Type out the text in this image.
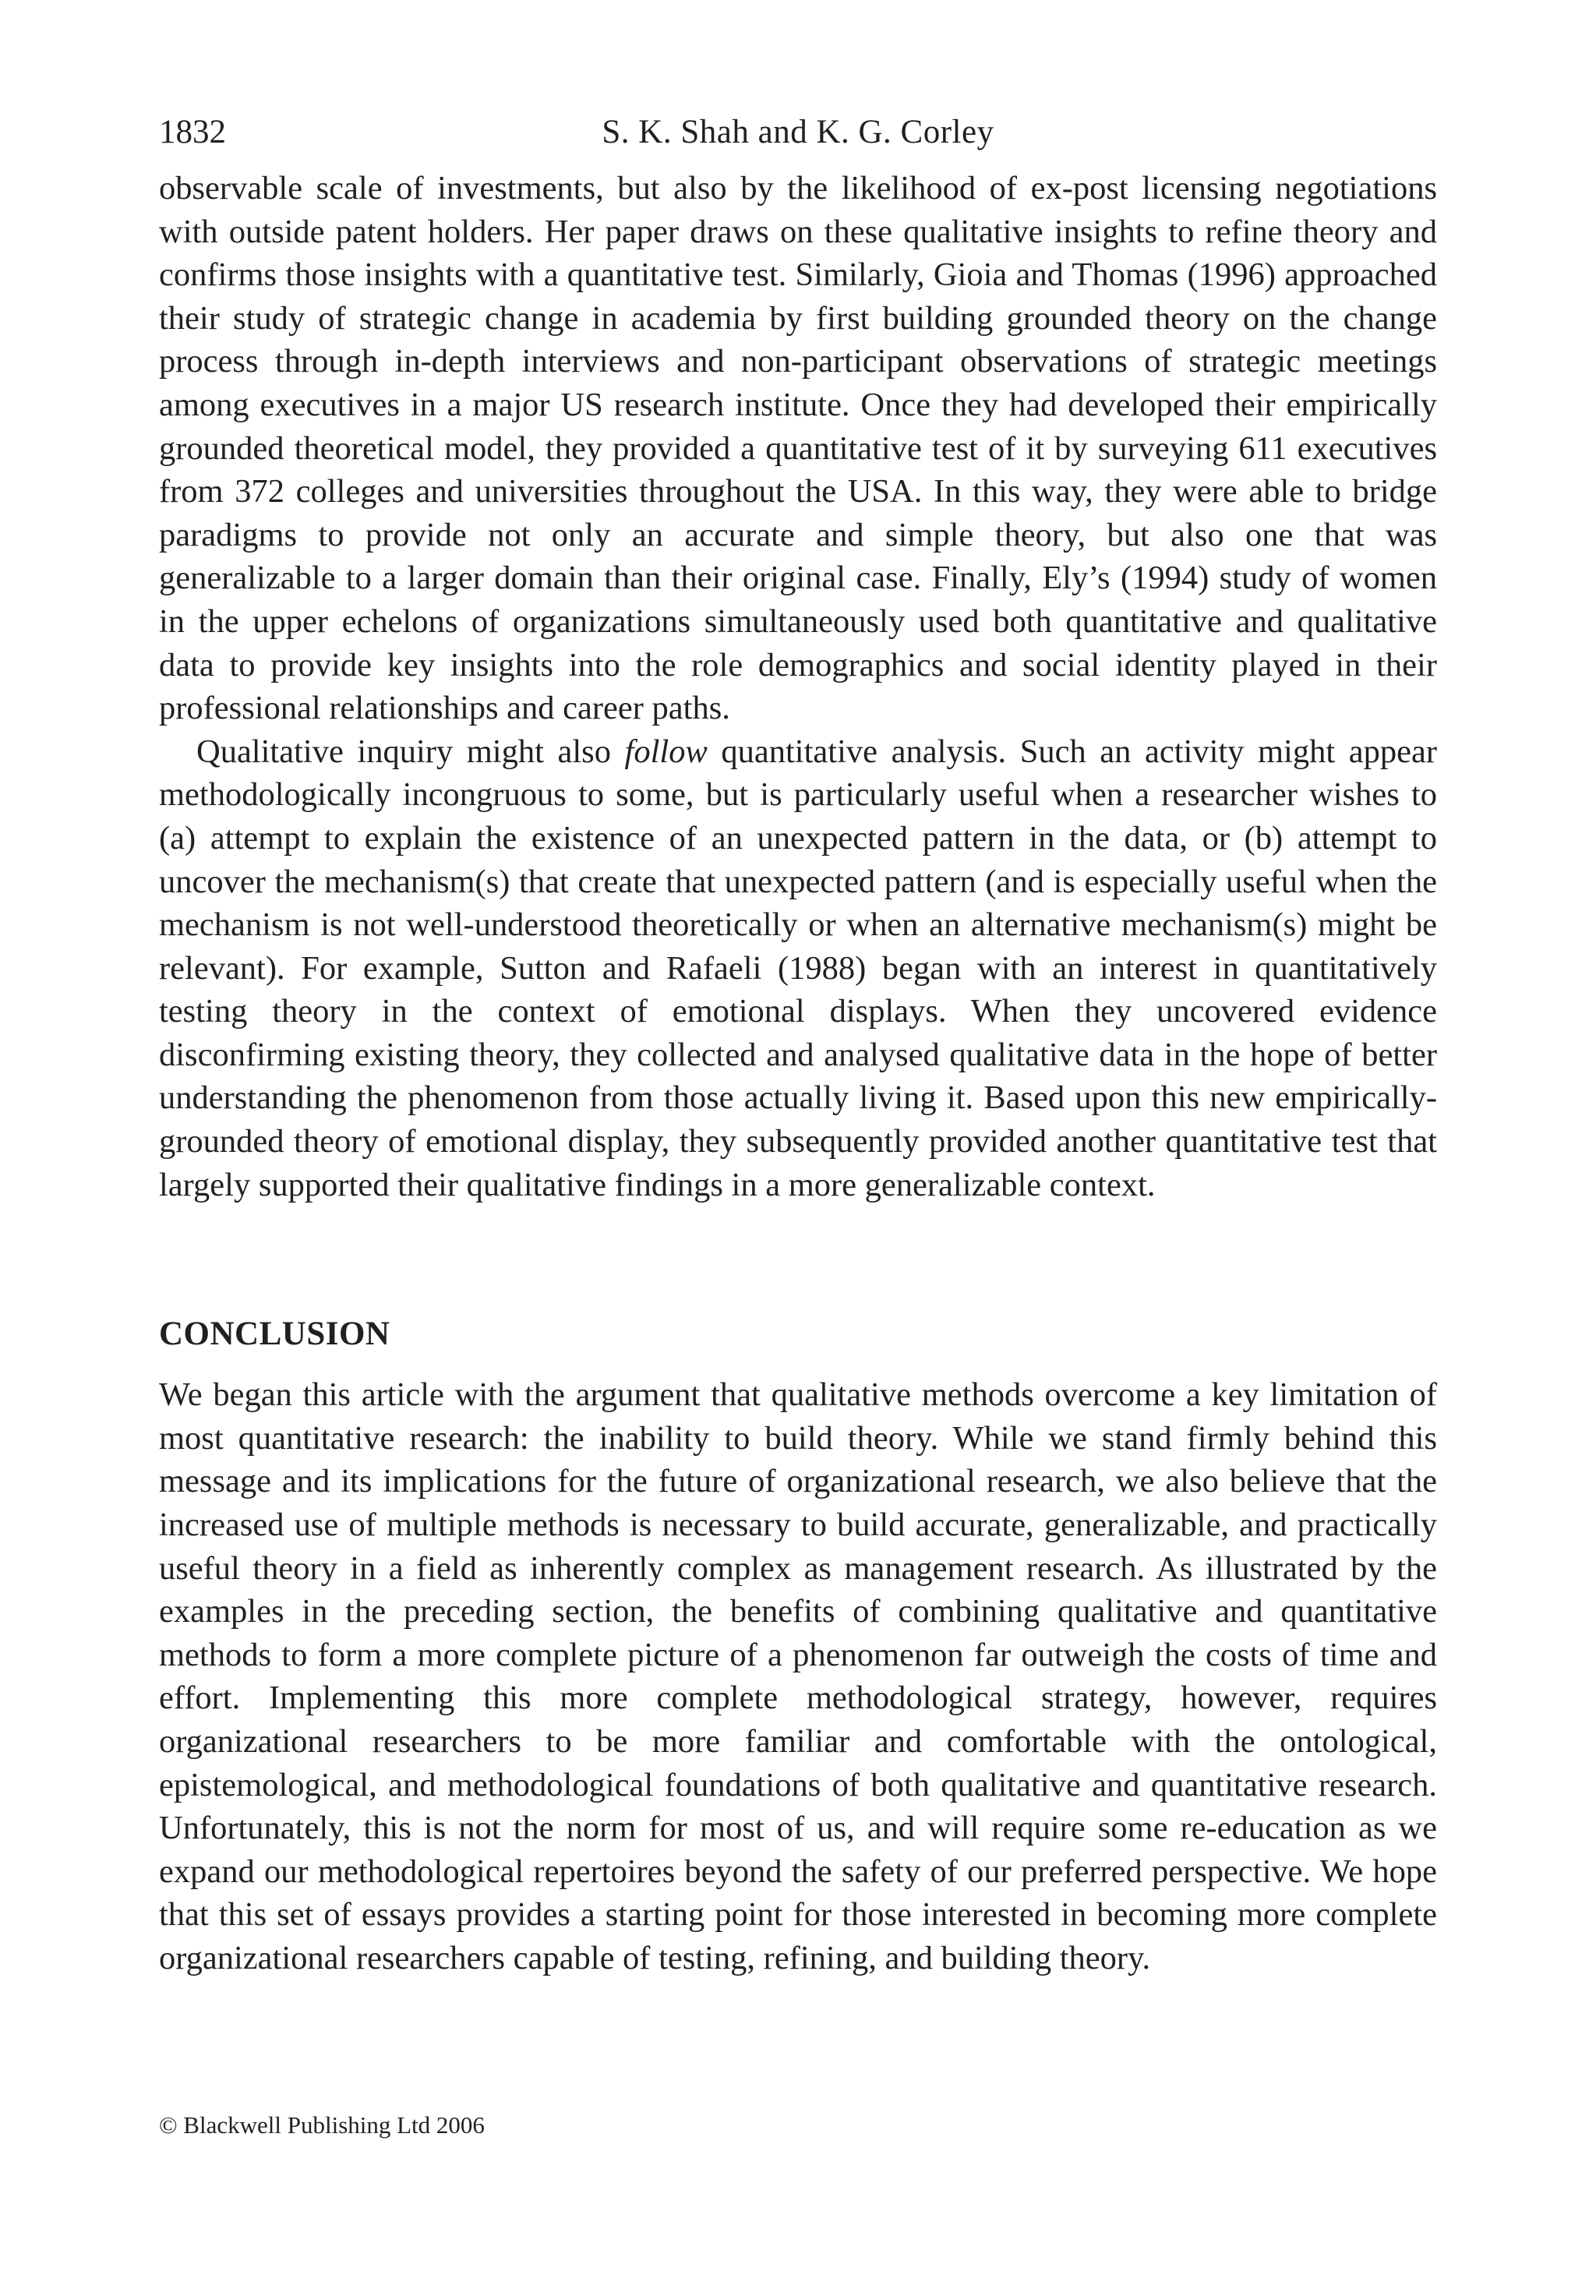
1832	S. K. Shah and K. G. Corley

observable scale of investments, but also by the likelihood of ex-post licensing negotiations with outside patent holders. Her paper draws on these qualitative insights to refine theory and confirms those insights with a quantitative test. Similarly, Gioia and Thomas (1996) approached their study of strategic change in academia by first building grounded theory on the change process through in-depth interviews and non-participant observations of strategic meetings among executives in a major US research institute. Once they had developed their empirically grounded theoretical model, they provided a quantitative test of it by surveying 611 executives from 372 colleges and universities throughout the USA. In this way, they were able to bridge paradigms to provide not only an accurate and simple theory, but also one that was generalizable to a larger domain than their original case. Finally, Ely’s (1994) study of women in the upper echelons of organizations simultaneously used both quantitative and qualitative data to provide key insights into the role demographics and social identity played in their professional relationships and career paths.

Qualitative inquiry might also follow quantitative analysis. Such an activity might appear methodologically incongruous to some, but is particularly useful when a researcher wishes to (a) attempt to explain the existence of an unexpected pattern in the data, or (b) attempt to uncover the mechanism(s) that create that unexpected pattern (and is especially useful when the mechanism is not well-understood theoretically or when an alternative mechanism(s) might be relevant). For example, Sutton and Rafaeli (1988) began with an interest in quantitatively testing theory in the context of emotional displays. When they uncovered evidence disconfirming existing theory, they collected and analysed qualitative data in the hope of better understanding the phenomenon from those actually living it. Based upon this new empirically-grounded theory of emotional display, they subsequently provided another quantitative test that largely supported their qualitative findings in a more generalizable context.

CONCLUSION

We began this article with the argument that qualitative methods overcome a key limitation of most quantitative research: the inability to build theory. While we stand firmly behind this message and its implications for the future of organizational research, we also believe that the increased use of multiple methods is necessary to build accurate, generalizable, and practically useful theory in a field as inherently complex as management research. As illustrated by the examples in the preceding section, the benefits of combining qualitative and quantitative methods to form a more complete picture of a phenomenon far outweigh the costs of time and effort. Implementing this more complete methodological strategy, however, requires organizational researchers to be more familiar and comfortable with the ontological, epistemological, and methodological foundations of both qualitative and quantitative research. Unfortunately, this is not the norm for most of us, and will require some re-education as we expand our methodological repertoires beyond the safety of our preferred perspective. We hope that this set of essays provides a starting point for those interested in becoming more complete organizational researchers capable of testing, refining, and building theory.

© Blackwell Publishing Ltd 2006
